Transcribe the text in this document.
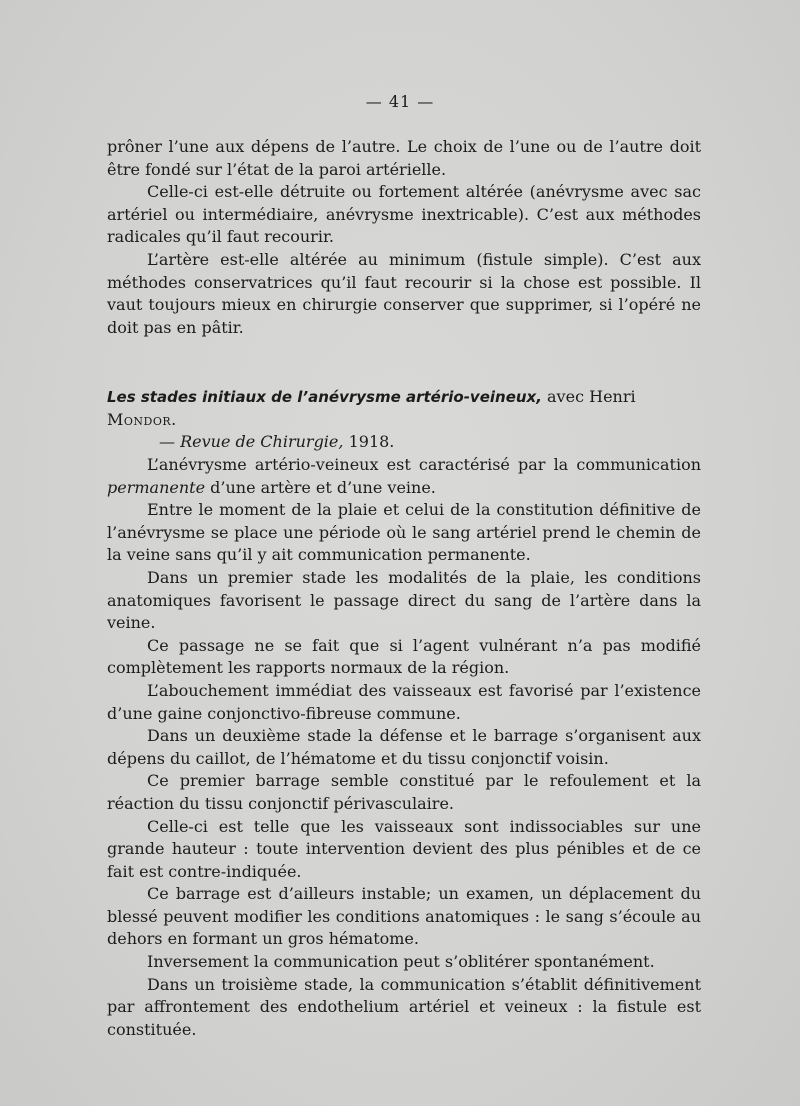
— 41 —

prôner l’une aux dépens de l’autre. Le choix de l’une ou de l’autre doit être fondé sur l’état de la paroi artérielle.

Celle-ci est-elle détruite ou fortement altérée (anévrysme avec sac artériel ou intermédiaire, anévrysme inextricable). C’est aux méthodes radicales qu’il faut recourir.

L’artère est-elle altérée au minimum (fistule simple). C’est aux méthodes conservatrices qu’il faut recourir si la chose est possible. Il vaut toujours mieux en chirurgie conserver que supprimer, si l’opéré ne doit pas en pâtir.

Les stades initiaux de l’anévrysme artério-veineux, avec Henri Mondor.
— Revue de Chirurgie, 1918.

L’anévrysme artério-veineux est caractérisé par la communication permanente d’une artère et d’une veine.

Entre le moment de la plaie et celui de la constitution définitive de l’anévrysme se place une période où le sang artériel prend le chemin de la veine sans qu’il y ait communication permanente.

Dans un premier stade les modalités de la plaie, les conditions anatomiques favorisent le passage direct du sang de l’artère dans la veine.

Ce passage ne se fait que si l’agent vulnérant n’a pas modifié complètement les rapports normaux de la région.

L’abouchement immédiat des vaisseaux est favorisé par l’existence d’une gaine conjonctivo-fibreuse commune.

Dans un deuxième stade la défense et le barrage s’organisent aux dépens du caillot, de l’hématome et du tissu conjonctif voisin.

Ce premier barrage semble constitué par le refoulement et la réaction du tissu conjonctif périvasculaire.

Celle-ci est telle que les vaisseaux sont indissociables sur une grande hauteur : toute intervention devient des plus pénibles et de ce fait est contre-indiquée.

Ce barrage est d’ailleurs instable; un examen, un déplacement du blessé peuvent modifier les conditions anatomiques : le sang s’écoule au dehors en formant un gros hématome.

Inversement la communication peut s’oblitérer spontanément.

Dans un troisième stade, la communication s’établit définitivement par affrontement des endothelium artériel et veineux : la fistule est constituée.
